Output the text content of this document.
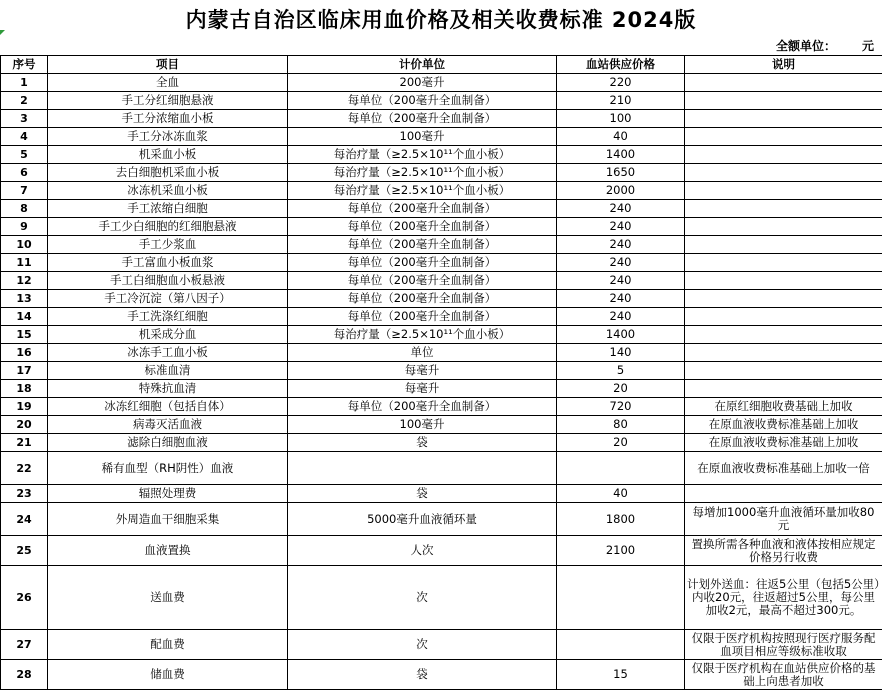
内蒙古自治区临床用血价格及相关收费标准 2024版
全额单位： 元
序号	项目	计价单位	血站供应价格	说明
1	全血	200毫升	220	
2	手工分红细胞悬液	每单位（200毫升全血制备）	210	
3	手工分浓缩血小板	每单位（200毫升全血制备）	100	
4	手工分冰冻血浆	100毫升	40	
5	机采血小板	每治疗量（≥2.5×10¹¹个血小板）	1400	
6	去白细胞机采血小板	每治疗量（≥2.5×10¹¹个血小板）	1650	
7	冰冻机采血小板	每治疗量（≥2.5×10¹¹个血小板）	2000	
8	手工浓缩白细胞	每单位（200毫升全血制备）	240	
9	手工少白细胞的红细胞悬液	每单位（200毫升全血制备）	240	
10	手工少浆血	每单位（200毫升全血制备）	240	
11	手工富血小板血浆	每单位（200毫升全血制备）	240	
12	手工白细胞血小板悬液	每单位（200毫升全血制备）	240	
13	手工冷沉淀（第八因子）	每单位（200毫升全血制备）	240	
14	手工洗涤红细胞	每单位（200毫升全血制备）	240	
15	机采成分血	每治疗量（≥2.5×10¹¹个血小板）	1400	
16	冰冻手工血小板	单位	140	
17	标准血清	每毫升	5	
18	特殊抗血清	每毫升	20	
19	冰冻红细胞（包括自体）	每单位（200毫升全血制备）	720	在原红细胞收费基础上加收
20	病毒灭活血液	100毫升	80	在原血液收费标准基础上加收
21	滤除白细胞血液	袋	20	在原血液收费标准基础上加收
22	稀有血型（RH阴性）血液			在原血液收费标准基础上加收一倍
23	辐照处理费	袋	40	
24	外周造血干细胞采集	5000毫升血液循环量	1800	每增加1000毫升血液循环量加收80元
25	血液置换	人次	2100	置换所需各种血液和液体按相应规定价格另行收费
26	送血费	次		计划外送血：往返5公里（包括5公里）内收20元，往返超过5公里，每公里加收2元，最高不超过300元。
27	配血费	次		仅限于医疗机构按照现行医疗服务配血项目相应等级标准收取
28	储血费	袋	15	仅限于医疗机构在血站供应价格的基础上向患者加收
